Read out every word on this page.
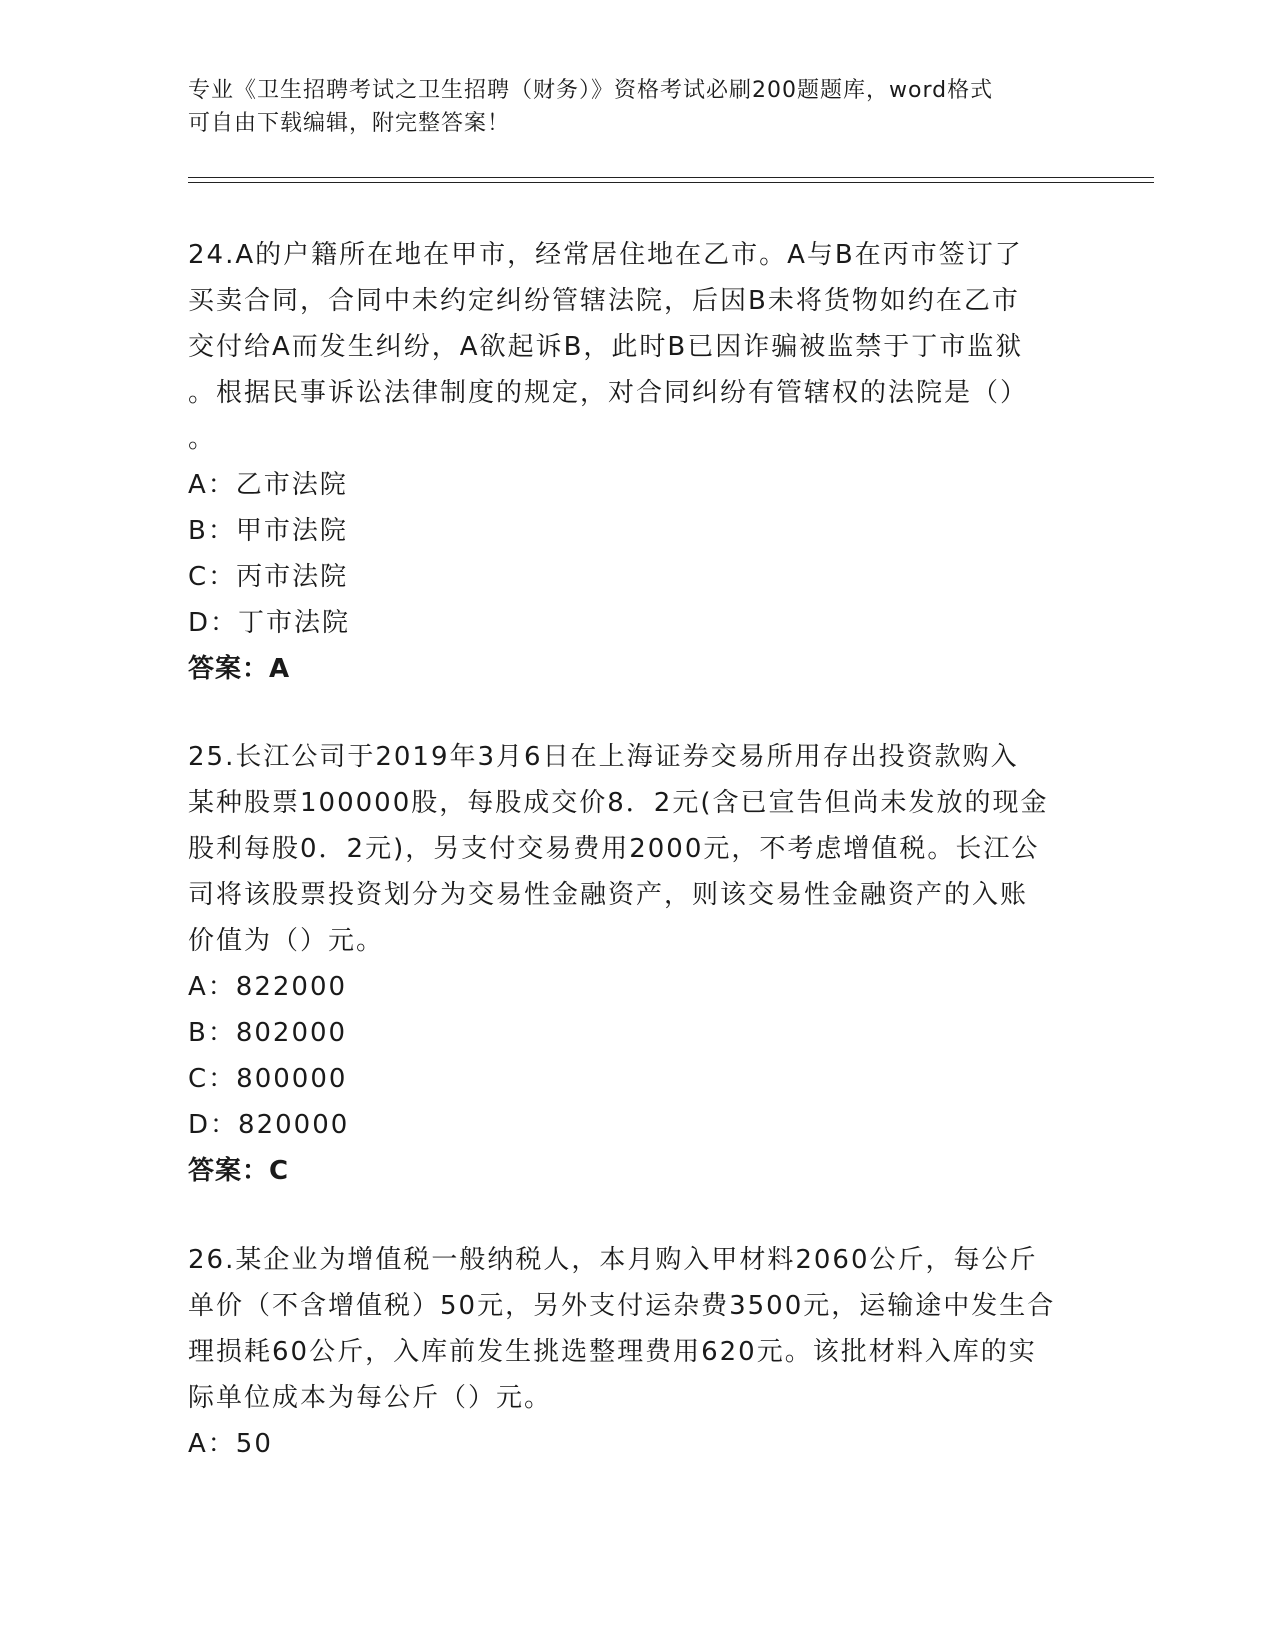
专业《卫生招聘考试之卫生招聘（财务）》资格考试必刷200题题库，word格式
可自由下载编辑，附完整答案！

24.A的户籍所在地在甲市，经常居住地在乙市。A与B在丙市签订了

买卖合同，合同中未约定纠纷管辖法院，后因B未将货物如约在乙市

交付给A而发生纠纷，A欲起诉B，此时B已因诈骗被监禁于丁市监狱

。根据民事诉讼法律制度的规定，对合同纠纷有管辖权的法院是（）

。

A：乙市法院

B：甲市法院

C：丙市法院

D：丁市法院

答案：A

25.长江公司于2019年3月6日在上海证券交易所用存出投资款购入

某种股票100000股，每股成交价8．2元(含已宣告但尚未发放的现金

股利每股0．2元)，另支付交易费用2000元，不考虑增值税。长江公

司将该股票投资划分为交易性金融资产，则该交易性金融资产的入账

价值为（）元。

A：822000

B：802000

C：800000

D：820000

答案：C

26.某企业为增值税一般纳税人，本月购入甲材料2060公斤，每公斤

单价（不含增值税）50元，另外支付运杂费3500元，运输途中发生合

理损耗60公斤，入库前发生挑选整理费用620元。该批材料入库的实

际单位成本为每公斤（）元。

A：50
